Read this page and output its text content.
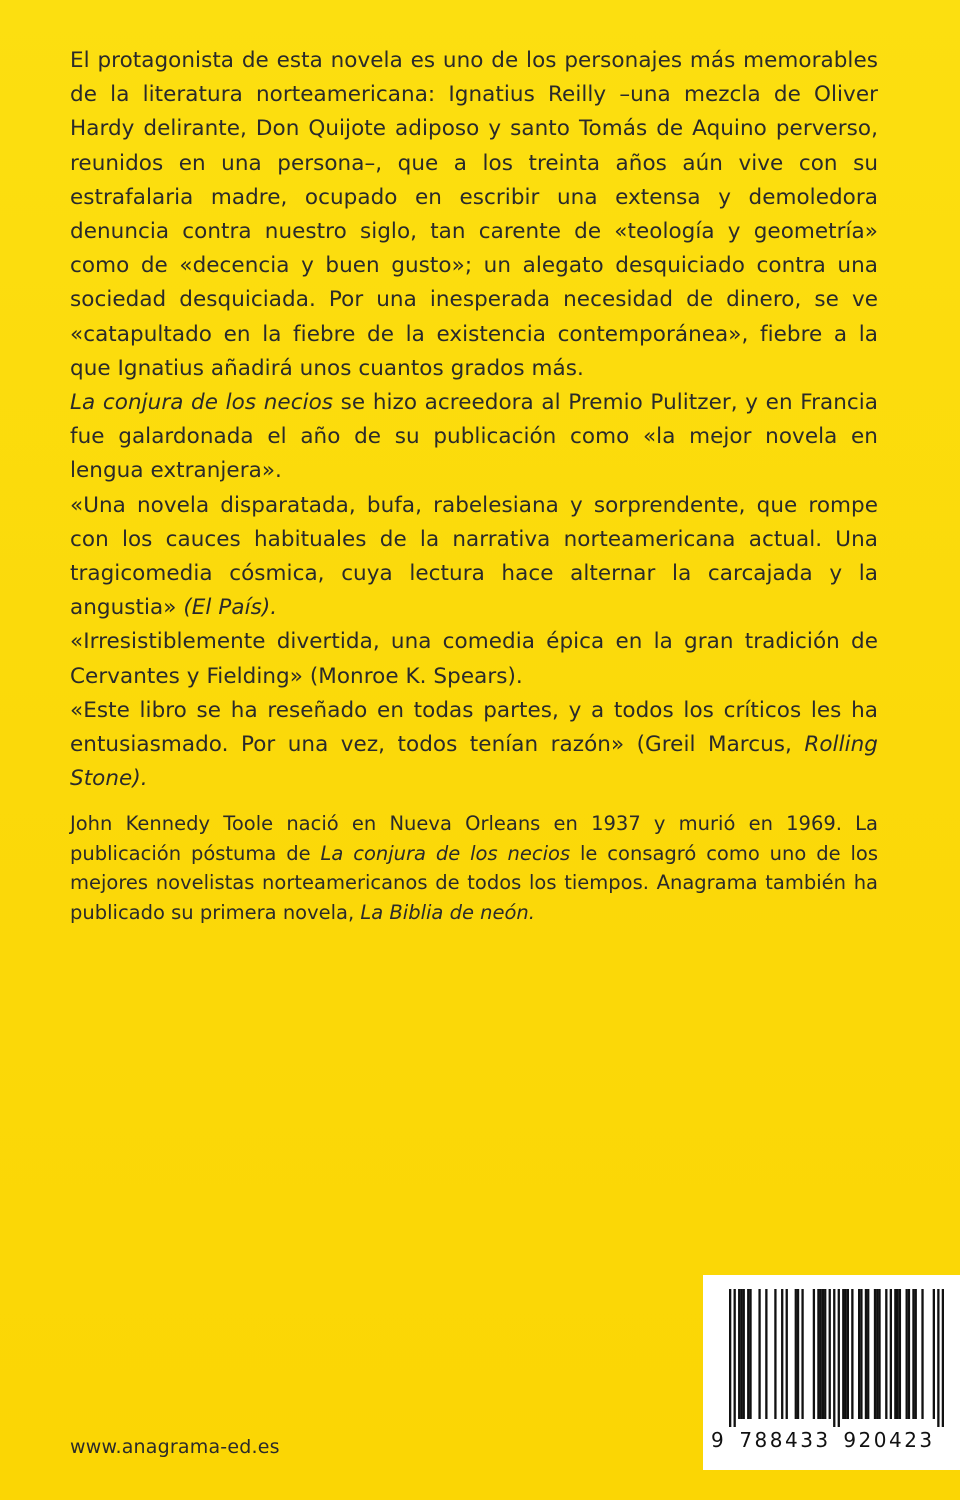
El protagonista de esta novela es uno de los personajes más memorables de la literatura norteamericana: Ignatius Reilly –una mezcla de Oliver Hardy delirante, Don Quijote adiposo y santo Tomás de Aquino perverso, reunidos en una persona–, que a los treinta años aún vive con su estrafalaria madre, ocupado en escribir una extensa y demoledora denuncia contra nuestro siglo, tan carente de «teología y geometría» como de «decencia y buen gusto»; un alegato desquiciado contra una sociedad desquiciada. Por una inesperada necesidad de dinero, se ve «catapultado en la fiebre de la existencia contemporánea», fiebre a la que Ignatius añadirá unos cuantos grados más.

La conjura de los necios se hizo acreedora al Premio Pulitzer, y en Francia fue galardonada el año de su publicación como «la mejor novela en lengua extranjera».

«Una novela disparatada, bufa, rabelesiana y sorprendente, que rompe con los cauces habituales de la narrativa norteamericana actual. Una tragicomedia cósmica, cuya lectura hace alternar la carcajada y la angustia» (El País).

«Irresistiblemente divertida, una comedia épica en la gran tradición de Cervantes y Fielding» (Monroe K. Spears).

«Este libro se ha reseñado en todas partes, y a todos los críticos les ha entusiasmado. Por una vez, todos tenían razón» (Greil Marcus, Rolling Stone).

John Kennedy Toole nació en Nueva Orleans en 1937 y murió en 1969. La publicación póstuma de La conjura de los necios le consagró como uno de los mejores novelistas norteamericanos de todos los tiempos. Anagrama también ha publicado su primera novela, La Biblia de neón.

www.anagrama-ed.es	9 788433 920423
